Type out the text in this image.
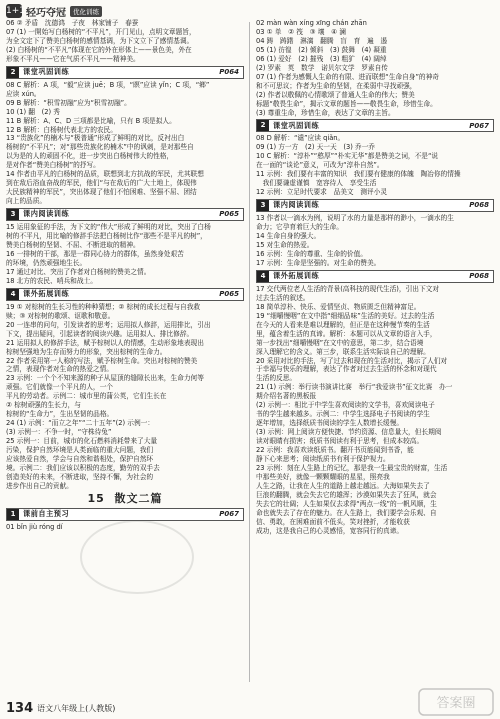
1+1 轻巧夺冠	优化训练
06 ② 矛盾　沈德鸿　子夜　林家铺子　春蚕
07 (1) 一開始写白杨树的“不平凡”，开门见山，点明文章题旨，
为全文定下了赞美白杨树的感情基调，为下文立下了感情基调。
(2) 白杨树的“不平凡”体现在它的外在形体上——景色美，外在
形象不平凡——它在气质不平凡——精神美。
2	课堂巩固训练	P064
08 C 解析：A 项，“毅”应读 juē；B 项，“瞑”应读 yǐn；C 项，“鄉”
应读 xún。
09 B 解析：“积雪初融”应为“积雪初融”。
10 (1) 翻　(2) 秀
11 B 解析：A、C、D 三项都是比喻，只有 B 项是拟人。
12 B 解析：白杨树代表北方的农民。
13 “贵族化”的楠木与“极普通”形成了鲜明的对比，反衬出白
杨树的“不平凡”；对“那些贵族化的楠木”中的讽刺，是对那些自
以为是的人的顽固不化，进一步突出白杨树伟大的性格，
是对作者“赞美白杨树”的抒写。
14 作者由平凡的白杨树的品质，联想到北方抗战的军民，尤其联想
到在敌后浴血奋战的军民，他们“与在敌后的广大土地上，体现伟
大民族精神的军民”，突出体现了他们不怕困难、坚强不屈、团结
向上的品质。
3	课内阅读训练	P065
15 运用象征的手法，为下文的“伟大”形成了鲜明的对比，突出了白杨
树的不平凡，用比喻的修辞手法把白杨树比作“那些不是平凡的树”，
赞美白杨树的坚韧、不屈、不断进取的精神。
16 一排树的干部，那是一群同心协力的群体，虽然身处艰苦
的环境，仍然顽强地生长。
17 通过对比、突出了作者对白杨树的赞美之情。
18 北方的农民、哨兵和战士。
4	课外拓展训练	P065
19 ① 对棕树的生长习性的种种猜想；② 棕树的成长过程与自我救
赎；③ 对棕树的歌颂、讴歌和敬意。
20 一连串的问句，引发读者的思考；运用拟人修辞，运用排比，引出
下文，提出疑问，引起读者的阅读兴趣。运用拟人、排比修辞。
21 运用拟人的修辞手法，赋予棕树以人的情感，生动形象地表现出
棕树坚强地为生存而努力的形象，突出棕树的生命力。
22 作者采用第一人称的写法，赋予棕树生命。突出对棕树的赞美
之情，表现作者对生命的热爱之情。
23 示例：一个个不知来源的种子从屋顶的缝隙长出来，生命力何等
顽强。它们就像一个平凡的人，一个
平凡的劳动者。示例二：城市里的蒲公英，它们生长在
② 棕树顽强的生长力，与
棕树的“生命力”，生出坚韧的品格。
24 (1) 示例：“而立之年”“二十五年”(2) 示例一：
(3) 示例一：不争一时，“守株待兔”
25 示例一：目前，城市的化石燃料消耗带来了大量
污染，保护自然环境是人类面临的重大问题，我们
应该热爱自然，学会与自然和谐相处，保护自然环
境。示例二：我们应该以积极的态度，勤劳的双手去
创造美好的未来，不断进取，坚持不懈，为社会的
进步作出自己的贡献。
15 散文二篇
1	课前自主预习	P067
01 bǐn jiù róng dí
02 màn wàn xíng xīng chán zhān
03 ① 单　② 筏　③ 壤　④ 澜
04 踌　踌躇　淋漓　翻腾　盲　育　遍　遏
05 (1) 彷徨　(2) 倾斜　(3) 鼓舞　(4) 凝重
06 (1) 爱好　(2) 摧残　(3) 粗犷　(4) 阔绰
(2) 罗素　英　数学　诺贝尔文学　罗素自传
07 (1) 作者为感慨人生命的有限、进而联想“生命自身”的神奇
和不可思议；作者为生命的坚韧，在柔弱中寻找顽强，
(2) 作者以敬佩的心情歌颂了普通人生命的伟大；赞美
标题“敬畏生命”，揭示文章的题旨——敬畏生命，珍惜生命。
(3) 尊重生命，珍惜生命，表达了文章的主旨。
2	课堂巩固训练	P067
08 D 解析：“谴”应读 qiǎn。
09 (1) 方一方　(2) 天一天　(3) 乔一乔
10 C 解析：“淳朴”“憨厚”“朴实无华”都是赞美之词，不是“说
在一面的“谈论”意义，可改为“淳朴自然”。
11 示例：我们要有丰富的知识　我们要有健康的体魄　陶冶你的情操
　我们要谦虚谨慎　宽容待人　享受生活
12 示例：立足时代要求　品美文　测评小灵
3	课内阅读训练	P068
13 作者以一滴水为例，说明了水的力量是那样的渺小，一滴水的生
命力；它孕育着巨大的生命。
14 生命自身的强大。
15 对生命的热爱。
16 示例：生命的尊重、生命的价值。
17 示例：生命是坚强的。对生命的赞美。
4	课外拓展训练	P068
17 交代两位老人生活的背景(高科技的现代生活)，引出下文对
过去生活的叙述。
18 简单淳朴、快乐、爱情坚贞、物质匮乏但精神富足。
19 “细嚼慢咽”在文中指“细细品味”生活的美好。过去的生活
在今天的人看来是难以理解的，但正是在这种慢节奏的生活
里，蕴含着生活的真谛。解析：本题可以从文章的语言入手，
第一步找出“细嚼慢咽”在文中的意思，第二步，结合语境
深入理解它的含义。第三步，联系生活实际谈自己的理解。
20 采用对比的手法，写了过去和现在的生活对比，揭示了人们对
于幸福与快乐的理解，表达了作者对过去生活的怀念和对现代
生活的反思。
21 (1) 示例：举行读书演讲比赛　举行“我爱读书”征文比赛　办一
期介绍名著的黑板报
(2) 示例一：相比于中学生喜欢阅读的文学书，喜欢阅读电子
书的学生越来越多。示例二：中学生选择电子书阅读的学生
逐年增加，选择纸质书阅读的学生人数增长缓慢。
(3) 示例：网上阅读方便快捷、节约资源、信息量大，但长期阅
读对眼睛有损害；纸质书阅读有利于思考，但成本较高。
22 示例：我喜欢读纸质书。翻开书页能闻到书香，能
静下心来思考；阅读纸质书有利于保护视力。
23 示例：刻在人生路上的记忆，那是我一生最宝贵的财富，生活
中那些美好，就像一颗颗耀眼的星星，照亮我
人生之路，让我在人生的道路上越走越远。大海如果失去了
巨浪的翻腾，就会失去它的雄浑；沙漠如果失去了狂风，就会
失去它的壮阔；人生如果仅去求得“两点一线”的一帆风顺，生
命也就失去了存在的魅力。在人生路上，我们要学会乐观、自
信、勇敢，在困难面前不低头，笑对挫折，才能收获
成功，这是我自己的心灵感悟，宽容同行的真谛。
134 语文八年级上(人教版)	答案圈
